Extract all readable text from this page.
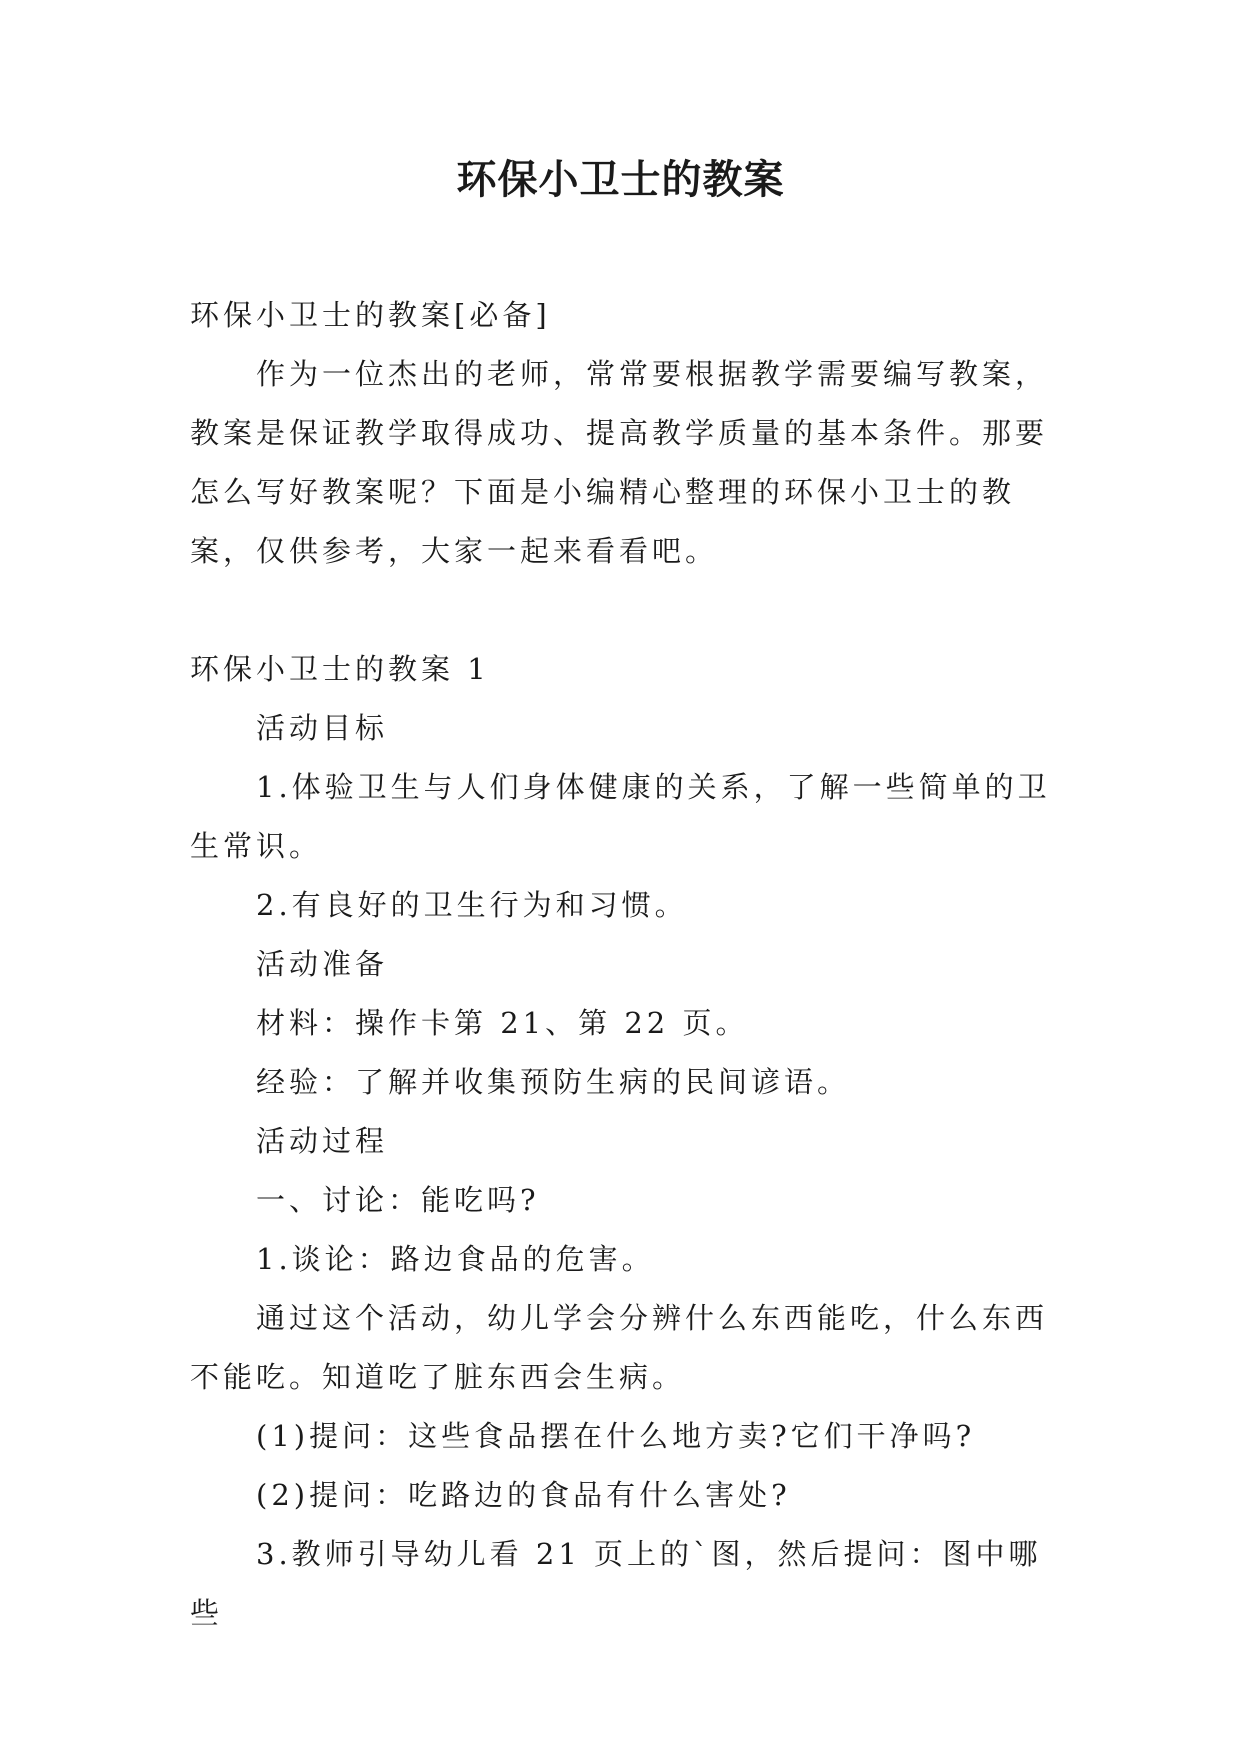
环保小卫士的教案

环保小卫士的教案[必备]

作为一位杰出的老师，常常要根据教学需要编写教案，教案是保证教学取得成功、提高教学质量的基本条件。那要怎么写好教案呢？下面是小编精心整理的环保小卫士的教案，仅供参考，大家一起来看看吧。

环保小卫士的教案 1

活动目标

1.体验卫生与人们身体健康的关系，了解一些简单的卫生常识。

2.有良好的卫生行为和习惯。

活动准备

材料：操作卡第 21、第 22 页。

经验：了解并收集预防生病的民间谚语。

活动过程

一、讨论：能吃吗?

1.谈论：路边食品的危害。

通过这个活动，幼儿学会分辨什么东西能吃，什么东西不能吃。知道吃了脏东西会生病。

(1)提问：这些食品摆在什么地方卖?它们干净吗?

(2)提问：吃路边的食品有什么害处?

3.教师引导幼儿看 21 页上的`图，然后提问：图中哪些
